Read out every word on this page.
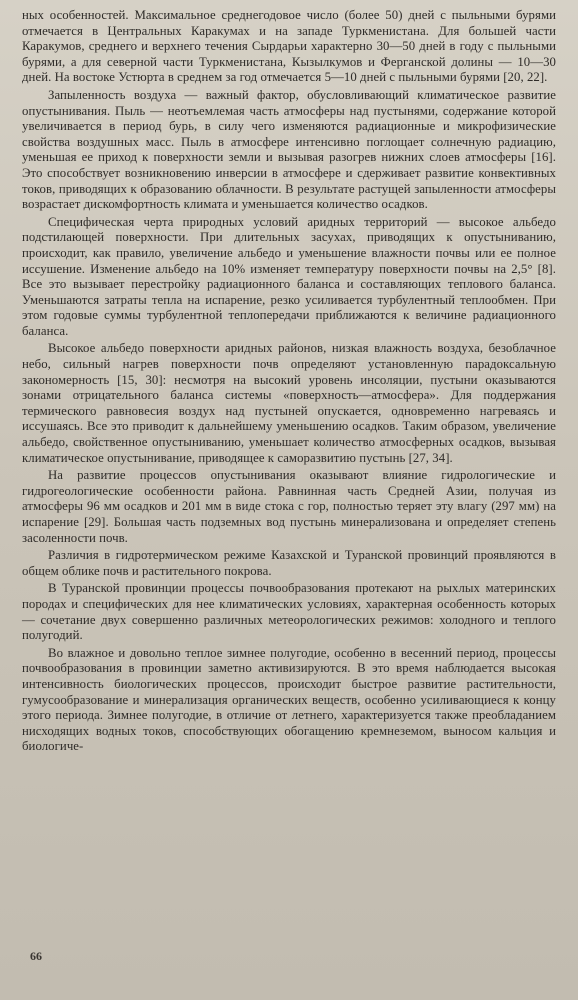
ных особенностей. Максимальное среднегодовое число (более 50) дней с пыльными бурями отмечается в Центральных Каракумах и на западе Туркменистана. Для большей части Каракумов, среднего и верхнего течения Сырдарьи характерно 30—50 дней в году с пыльными бурями, а для северной части Туркменистана, Кызылкумов и Ферганской долины — 10—30 дней. На востоке Устюрта в среднем за год отмечается 5—10 дней с пыльными бурями [20, 22].

Запыленность воздуха — важный фактор, обусловливающий климатическое развитие опустынивания. Пыль — неотъемлемая часть атмосферы над пустынями, содержание которой увеличивается в период бурь, в силу чего изменяются радиационные и микрофизические свойства воздушных масс. Пыль в атмосфере интенсивно поглощает солнечную радиацию, уменьшая ее приход к поверхности земли и вызывая разогрев нижних слоев атмосферы [16]. Это способствует возникновению инверсии в атмосфере и сдерживает развитие конвективных токов, приводящих к образованию облачности. В результате растущей запыленности атмосферы возрастает дискомфортность климата и уменьшается количество осадков.

Специфическая черта природных условий аридных территорий — высокое альбедо подстилающей поверхности. При длительных засухах, приводящих к опустыниванию, происходит, как правило, увеличение альбедо и уменьшение влажности почвы или ее полное иссушение. Изменение альбедо на 10% изменяет температуру поверхности почвы на 2,5° [8]. Все это вызывает перестройку радиационного баланса и составляющих теплового баланса. Уменьшаются затраты тепла на испарение, резко усиливается турбулентный теплообмен. При этом годовые суммы турбулентной теплопередачи приближаются к величине радиационного баланса.

Высокое альбедо поверхности аридных районов, низкая влажность воздуха, безоблачное небо, сильный нагрев поверхности почв определяют установленную парадоксальную закономерность [15, 30]: несмотря на высокий уровень инсоляции, пустыни оказываются зонами отрицательного баланса системы «поверхность—атмосфера». Для поддержания термического равновесия воздух над пустыней опускается, одновременно нагреваясь и иссушаясь. Все это приводит к дальнейшему уменьшению осадков. Таким образом, увеличение альбедо, свойственное опустыниванию, уменьшает количество атмосферных осадков, вызывая климатическое опустынивание, приводящее к саморазвитию пустынь [27, 34].

На развитие процессов опустынивания оказывают влияние гидрологические и гидрогеологические особенности района. Равнинная часть Средней Азии, получая из атмосферы 96 мм осадков и 201 мм в виде стока с гор, полностью теряет эту влагу (297 мм) на испарение [29]. Большая часть подземных вод пустынь минерализована и определяет степень засоленности почв.

Различия в гидротермическом режиме Казахской и Туранской провинций проявляются в общем облике почв и растительного покрова.

В Туранской провинции процессы почвообразования протекают на рыхлых материнских породах и специфических для нее климатических условиях, характерная особенность которых — сочетание двух совершенно различных метеорологических режимов: холодного и теплого полугодий.

Во влажное и довольно теплое зимнее полугодие, особенно в весенний период, процессы почвообразования в провинции заметно активизируются. В это время наблюдается высокая интенсивность биологических процессов, происходит быстрое развитие растительности, гумусообразование и минерализация органических веществ, особенно усиливающиеся к концу этого периода. Зимнее полугодие, в отличие от летнего, характеризуется также преобладанием нисходящих водных токов, способствующих обогащению кремнеземом, выносом кальция и биологиче-

66
